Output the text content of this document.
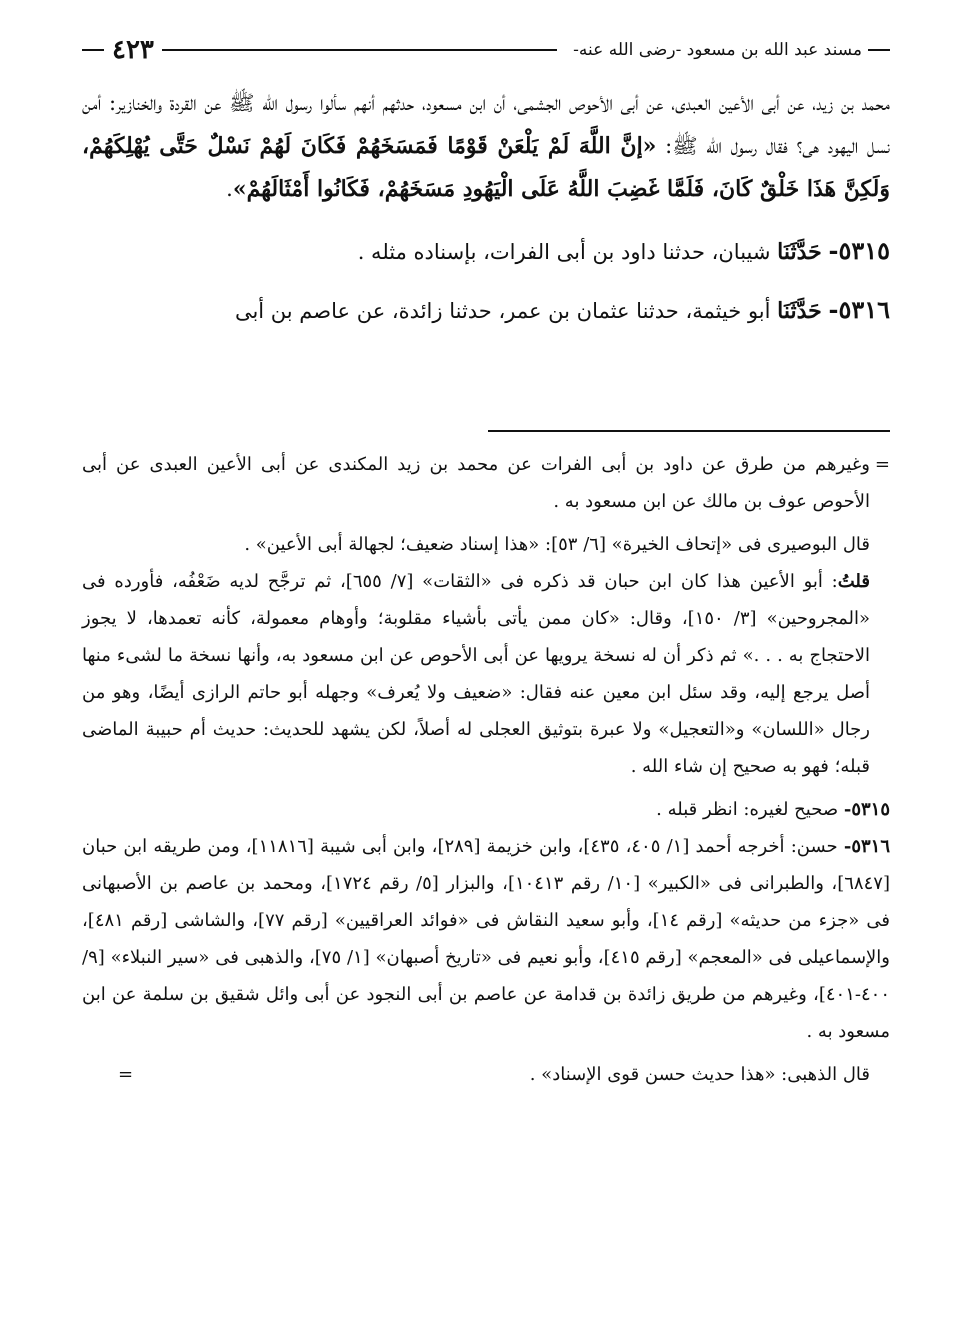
مسند عبد الله بن مسعود -رضى الله عنه-
٤٢٣

محمد بن زيد، عن أبى الأعين العبدى، عن أبى الأحوص الجشمى، أن ابن مسعود، حدثهم أنهم سألوا رسول الله ﷺ عن القردة والخنازير: أمن نسل اليهود هى؟ فقال رسول الله ﷺ: «إنَّ اللَّهَ لَمْ يَلْعَنْ قَوْمًا فَمَسَخَهُمْ فَكَانَ لَهُمْ نَسْلٌ حَتَّى يُهْلِكَهُمْ، وَلَكِنَّ هَذَا خَلْقٌ كَانَ، فَلَمَّا غَضِبَ اللَّهُ عَلَى الْيَهُودِ مَسَخَهُمْ، فَكَانُوا أَمْثَالَهُمْ».

٥٣١٥- حَدَّثَنَا شيبان، حدثنا داود بن أبى الفرات، بإسناده مثله .

٥٣١٦- حَدَّثَنَا أبو خيثمة، حدثنا عثمان بن عمر، حدثنا زائدة، عن عاصم بن أبى

=وغيرهم من طرق عن داود بن أبى الفرات عن محمد بن زيد المكندى عن أبى الأعين العبدى عن أبى الأحوص عوف بن مالك عن ابن مسعود به .

قال البوصيرى فى «إتحاف الخيرة» [٦/ ٥٣]: «هذا إسناد ضعيف؛ لجهالة أبى الأعين» .

قلتُ: أبو الأعين هذا كان ابن حبان قد ذكره فى «الثقات» [٧/ ٦٥٥]، ثم ترجَّح لديه ضَعْفُه، فأورده فى «المجروحين» [٣/ ١٥٠]، وقال: «كان ممن يأتى بأشياء مقلوبة؛ وأوهام معمولة، كأنه تعمدها، لا يجوز الاحتجاج به . . .» ثم ذكر أن له نسخة يرويها عن أبى الأحوص عن ابن مسعود به، وأنها نسخة ما لشىء منها أصل يرجع إليه، وقد سئل ابن معين عنه فقال: «ضعيف ولا يُعرف» وجهله أبو حاتم الرازى أيضًا، وهو من رجال «اللسان» و«التعجيل» ولا عبرة بتوثيق العجلى له أصلاً، لكن يشهد للحديث: حديث أم حبيبة الماضى قبله؛ فهو به صحيح إن شاء الله .

٥٣١٥- صحيح لغيره: انظر قبله .

٥٣١٦- حسن: أخرجه أحمد [١/ ٤٠٥، ٤٣٥]، وابن خزيمة [٢٨٩]، وابن أبى شيبة [١١٨١٦]، ومن طريقه ابن حبان [٦٨٤٧]، والطبرانى فى «الكبير» [١٠/ رقم ١٠٤١٣]، والبزار [٥/ رقم ١٧٢٤]، ومحمد بن عاصم بن الأصبهانى فى «جزء من حديثه» [رقم ١٤]، وأبو سعيد النقاش فى «فوائد العراقيين» [رقم ٧٧]، والشاشى [رقم ٤٨١]، والإسماعيلى فى «المعجم» [رقم ٤١٥]، وأبو نعيم فى «تاريخ أصبهان» [١/ ٧٥]، والذهبى فى «سير النبلاء» [٩/ ٤٠٠-٤٠١]، وغيرهم من طريق زائدة بن قدامة عن عاصم بن أبى النجود عن أبى وائل شقيق بن سلمة عن ابن مسعود به .

قال الذهبى: «هذا حديث حسن قوى الإسناد» .
=
